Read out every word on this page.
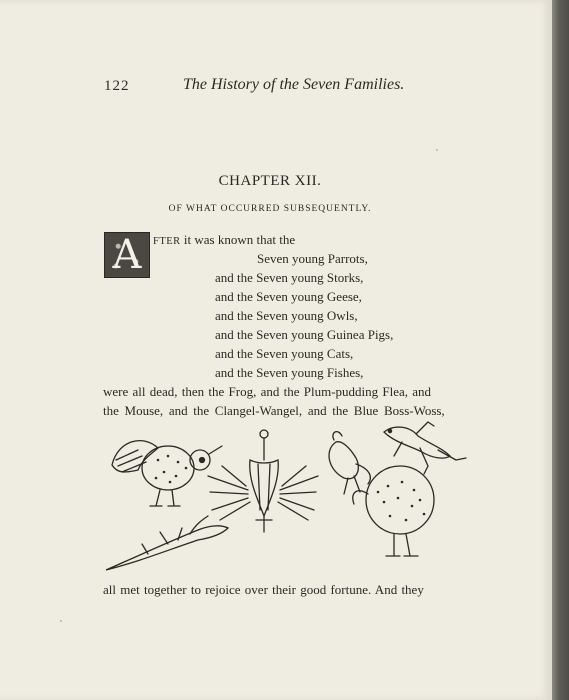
122	The History of the Seven Families.
CHAPTER XII.
OF WHAT OCCURRED SUBSEQUENTLY.
A	FTER it was known that the
Seven young Parrots,
and the Seven young Storks,
and the Seven young Geese,
and the Seven young Owls,
and the Seven young Guinea Pigs,
and the Seven young Cats,
and the Seven young Fishes,
were all dead, then the Frog, and the Plum-pudding Flea, and
the Mouse, and the Clangel-Wangel, and the Blue Boss-Woss,
all met together to rejoice over their good fortune. And they
